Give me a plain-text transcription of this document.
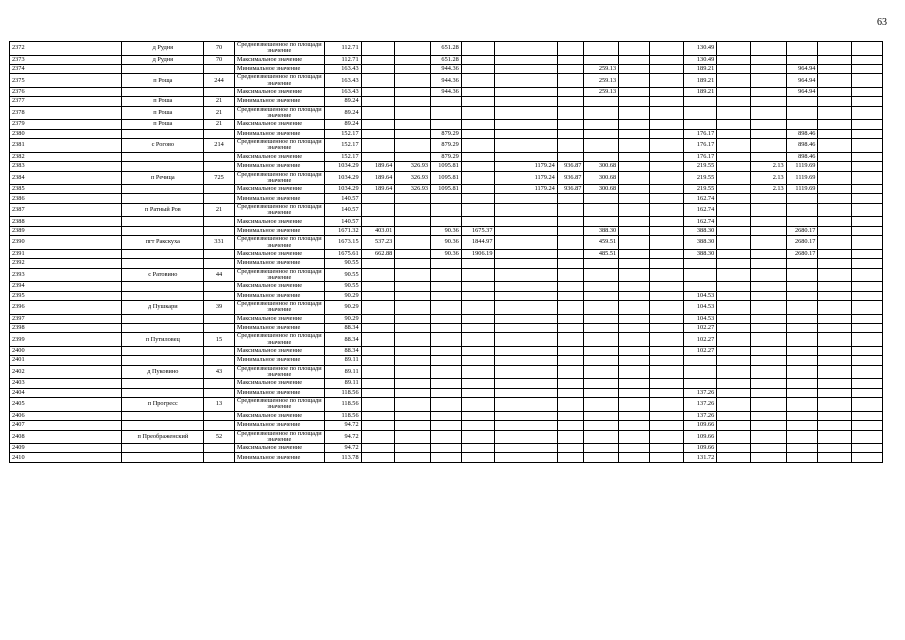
63
2372	д Рудня	70	Средневзвешенное по площади значение	112.71			651.28							130.49					
2373	д Рудня	70	Максимальное значение	112.71			651.28							130.49					
2374			Минимальное значение	163.43			944.36				259.13			189.21			964.94		
2375	п Роща	244	Средневзвешенное по площади значение	163.43			944.36				259.13			189.21			964.94		
2376			Максимальное значение	163.43			944.36				259.13			189.21			964.94		
2377	п Роша	21	Минимальное значение	89.24															
2378	п Роша	21	Средневзвешенное по площади значение	89.24															
2379	п Роша	21	Максимальное значение	89.24															
2380			Минимальное значение	152.17			879.29							176.17			898.46		
2381	с Рогово	214	Средневзвешенное по площади значение	152.17			879.29							176.17			898.46		
2382			Максимальное значение	152.17			879.29							176.17			898.46		
2383			Минимальное значение	1034.29	189.64	326.93	1095.81		1179.24	936.87	300.68			219.55		2.13	1119.69		
2384	п Речица	725	Средневзвешенное по площади значение	1034.29	189.64	326.93	1095.81		1179.24	936.87	300.68			219.55		2.13	1119.69		
2385			Максимальное значение	1034.29	189.64	326.93	1095.81		1179.24	936.87	300.68			219.55		2.13	1119.69		
2386			Минимальное значение	140.57										162.74					
2387	п Ратный Ров	21	Средневзвешенное по площади значение	140.57										162.74					
2388			Максимальное значение	140.57										162.74					
2389			Минимальное значение	1671.32	403.01		90.36	1675.37			388.30			388.30			2680.17		
2390	пгт Ракскуха	331	Средневзвешенное по площади значение	1673.15	537.23		90.36	1844.97			459.51			388.30			2680.17		
2391			Максимальное значение	1675.61	662.88		90.36	1906.19			485.51			388.30			2680.17		
2392			Минимальное значение	90.55															
2393	с Ратовино	44	Средневзвешенное по площади значение	90.55															
2394			Максимальное значение	90.55															
2395			Минимальное значение	90.29										104.53					
2396	д Пушкари	39	Средневзвешенное по площади значение	90.29										104.53					
2397			Максимальное значение	90.29										104.53					
2398			Минимальное значение	88.34										102.27					
2399	п Путиловец	15	Средневзвешенное по площади значение	88.34										102.27					
2400			Максимальное значение	88.34										102.27					
2401			Минимальное значение	89.11															
2402	д Пуковино	43	Средневзвешенное по площади значение	89.11															
2403			Максимальное значение	89.11															
2404			Минимальное значение	118.56										137.26					
2405	п Прогресс	13	Средневзвешенное по площади значение	118.56										137.26					
2406			Максимальное значение	118.56										137.26					
2407			Минимальное значение	94.72										109.66					
2408	п Преображенский	52	Средневзвешенное по площади значение	94.72										109.66					
2409			Максимальное значение	94.72										109.66					
2410			Минимальное значение	113.78										131.72					
